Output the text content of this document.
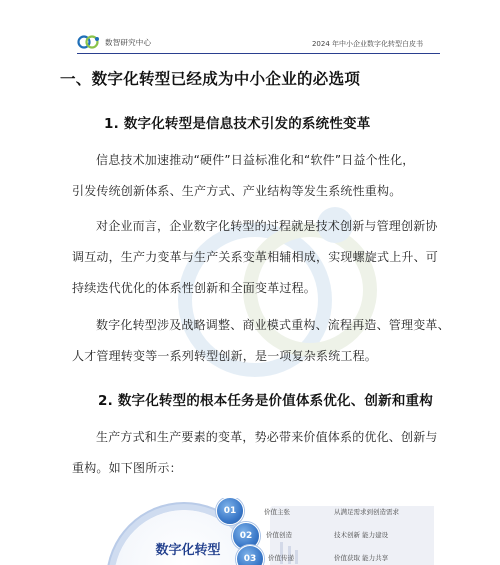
数智研究中心	2024 年中小企业数字化转型白皮书
一、数字化转型已经成为中小企业的必选项
1. 数字化转型是信息技术引发的系统性变革
信息技术加速推动“硬件”日益标准化和“软件”日益个性化，
引发传统创新体系、生产方式、产业结构等发生系统性重构。
对企业而言，企业数字化转型的过程就是技术创新与管理创新协
调互动，生产力变革与生产关系变革相辅相成，实现螺旋式上升、可
持续迭代优化的体系性创新和全面变革过程。
数字化转型涉及战略调整、商业模式重构、流程再造、管理变革、
人才管理转变等一系列转型创新，是一项复杂系统工程。
2. 数字化转型的根本任务是价值体系优化、创新和重构
生产方式和生产要素的变革，势必带来价值体系的优化、创新与
重构。如下图所示：
数字化转型
01	价值主张	从满足需求到创造需求
02	价值创造	技术创新 能力建设
03	价值传递	价值获取 能力共享
